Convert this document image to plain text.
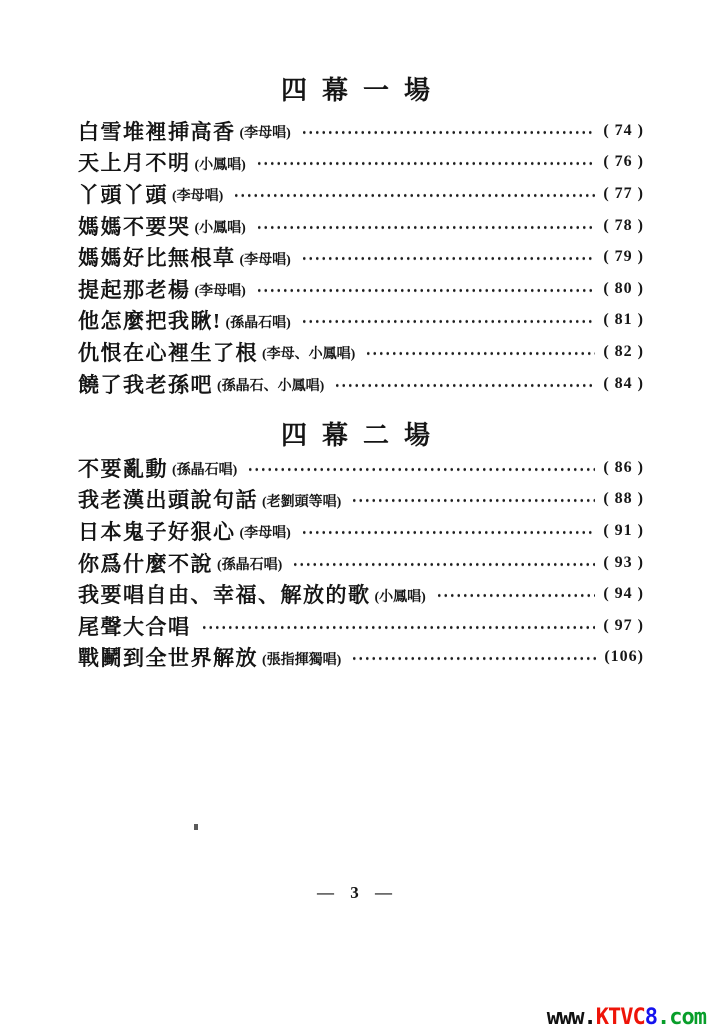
四幕一場
白雪堆裡挿高香 (李母唱)	( 74 )
天上月不明 (小鳳唱)	( 76 )
丫頭丫頭 (李母唱)	( 77 )
媽媽不要哭 (小鳳唱)	( 78 )
媽媽好比無根草 (李母唱)	( 79 )
提起那老楊 (李母唱)	( 80 )
他怎麼把我瞅! (孫晶石唱)	( 81 )
仇恨在心裡生了根 (李母、小鳳唱)	( 82 )
饒了我老孫吧 (孫晶石、小鳳唱)	( 84 )
四幕二場
不要亂動 (孫晶石唱)	( 86 )
我老漢出頭說句話 (老劉頭等唱)	( 88 )
日本鬼子好狠心 (李母唱)	( 91 )
你爲什麼不說 (孫晶石唱)	( 93 )
我要唱自由、幸福、解放的歌 (小鳳唱)	( 94 )
尾聲大合唱	( 97 )
戰鬭到全世界解放 (張指揮獨唱)	(106)
— 3 —
www.KTVC8.com
